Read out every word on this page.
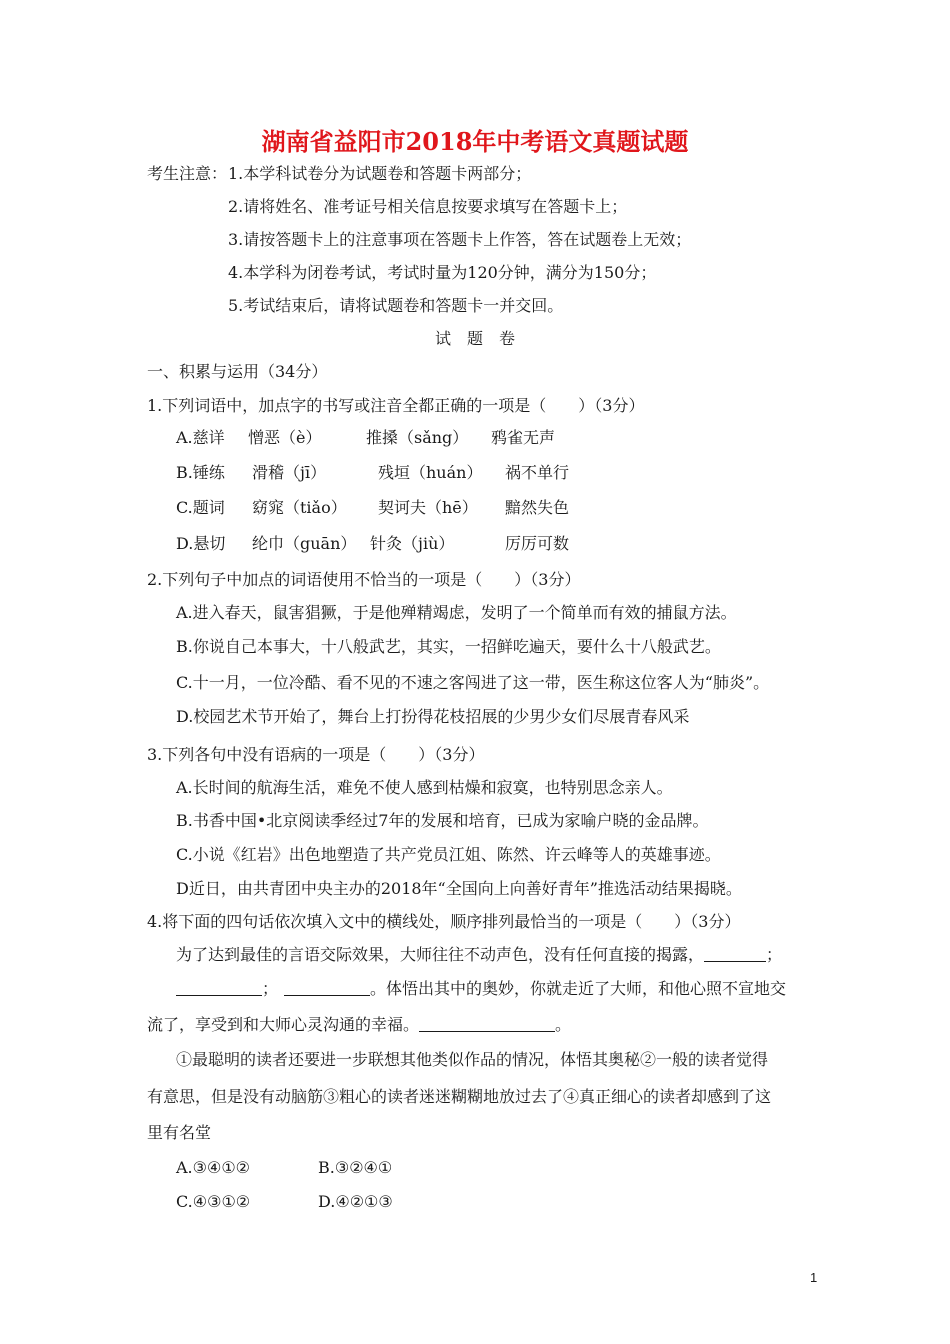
湖南省益阳市2018年中考语文真题试题
考生注意： 1.本学科试卷分为试题卷和答题卡两部分；
2.请将姓名、准考证号相关信息按要求填写在答题卡上；
3.请按答题卡上的注意事项在答题卡上作答，答在试题卷上无效；
4.本学科为闭卷考试，考试时量为120分钟，满分为150分；
5.考试结束后，请将试题卷和答题卡一并交回。
试　题　卷
一、积累与运用（34分）
1.下列词语中，加点字的书写或注音全都正确的一项是（　　）（3分）
A.慈详 憎恶（è）	推搡（sǎng） 鸦雀无声
B.锤练 滑稽（jī）	残垣（huán） 祸不单行
C.题词 窈窕（tiǎo） 契诃夫（hē） 黯然失色
D.悬切 纶巾（guān） 针灸（jiù）	厉厉可数
2.下列句子中加点的词语使用不恰当的一项是（　　）（3分）
A.进入春天，鼠害猖獗，于是他殚精竭虑，发明了一个简单而有效的捕鼠方法。
B.你说自己本事大，十八般武艺，其实，一招鲜吃遍天，要什么十八般武艺。
C.十一月，一位冷酷、看不见的不速之客闯进了这一带，医生称这位客人为“肺炎”。
D.校园艺术节开始了，舞台上打扮得花枝招展的少男少女们尽展青春风采
3.下列各句中没有语病的一项是（　　）（3分）
A.长时间的航海生活，难免不使人感到枯燥和寂寞，也特别思念亲人。
B.书香中国•北京阅读季经过7年的发展和培育，已成为家喻户晓的金品牌。
C.小说《红岩》出色地塑造了共产党员江姐、陈然、许云峰等人的英雄事迹。
D近日，由共青团中央主办的2018年“全国向上向善好青年”推选活动结果揭晓。
4.将下面的四句话依次填入文中的横线处，顺序排列最恰当的一项是（　　）（3分）
为了达到最佳的言语交际效果，大师往往不动声色，没有任何直接的揭露，	；
；	。体悟出其中的奥妙，你就走近了大师，和他心照不宣地交
流了，享受到和大师心灵沟通的幸福。	。
①最聪明的读者还要进一步联想其他类似作品的情况，体悟其奥秘②一般的读者觉得
有意思，但是没有动脑筋③粗心的读者迷迷糊糊地放过去了④真正细心的读者却感到了这
里有名堂
A.③④①②	B.③②④①
C.④③①②	D.④②①③
1
